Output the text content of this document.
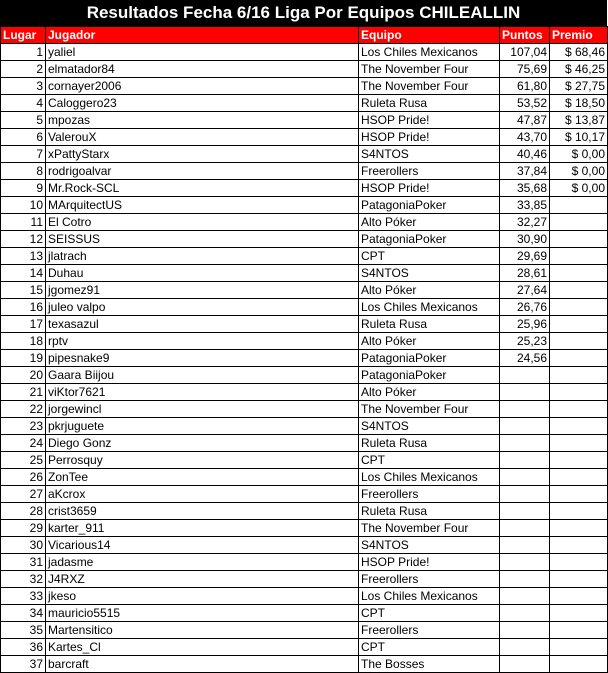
Resultados Fecha 6/16 Liga Por Equipos CHILEALLIN
Lugar	Jugador	Equipo	Puntos	Premio
1	yaliel	Los Chiles Mexicanos	107,04	$ 68,46
2	elmatador84	The November Four	75,69	$ 46,25
3	cornayer2006	The November Four	61,80	$ 27,75
4	Caloggero23	Ruleta Rusa	53,52	$ 18,50
5	mpozas	HSOP Pride!	47,87	$ 13,87
6	ValerouX	HSOP Pride!	43,70	$ 10,17
7	xPattyStarx	S4NTOS	40,46	$ 0,00
8	rodrigoalvar	Freerollers	37,84	$ 0,00
9	Mr.Rock-SCL	HSOP Pride!	35,68	$ 0,00
10	MArquitectUS	PatagoniaPoker	33,85	
11	El Cotro	Alto Póker	32,27	
12	SEISSUS	PatagoniaPoker	30,90	
13	jlatrach	CPT	29,69	
14	Duhau	S4NTOS	28,61	
15	jgomez91	Alto Póker	27,64	
16	juleo valpo	Los Chiles Mexicanos	26,76	
17	texasazul	Ruleta Rusa	25,96	
18	rptv	Alto Póker	25,23	
19	pipesnake9	PatagoniaPoker	24,56	
20	Gaara Biijou	PatagoniaPoker		
21	viKtor7621	Alto Póker		
22	jorgewincl	The November Four		
23	pkrjuguete	S4NTOS		
24	Diego Gonz	Ruleta Rusa		
25	Perrosquy	CPT		
26	ZonTee	Los Chiles Mexicanos		
27	aKcrox	Freerollers		
28	crist3659	Ruleta Rusa		
29	karter_911	The November Four		
30	Vicarious14	S4NTOS		
31	jadasme	HSOP Pride!		
32	J4RXZ	Freerollers		
33	jkeso	Los Chiles Mexicanos		
34	mauricio5515	CPT		
35	Martensitico	Freerollers		
36	Kartes_Cl	CPT		
37	barcraft	The Bosses		
